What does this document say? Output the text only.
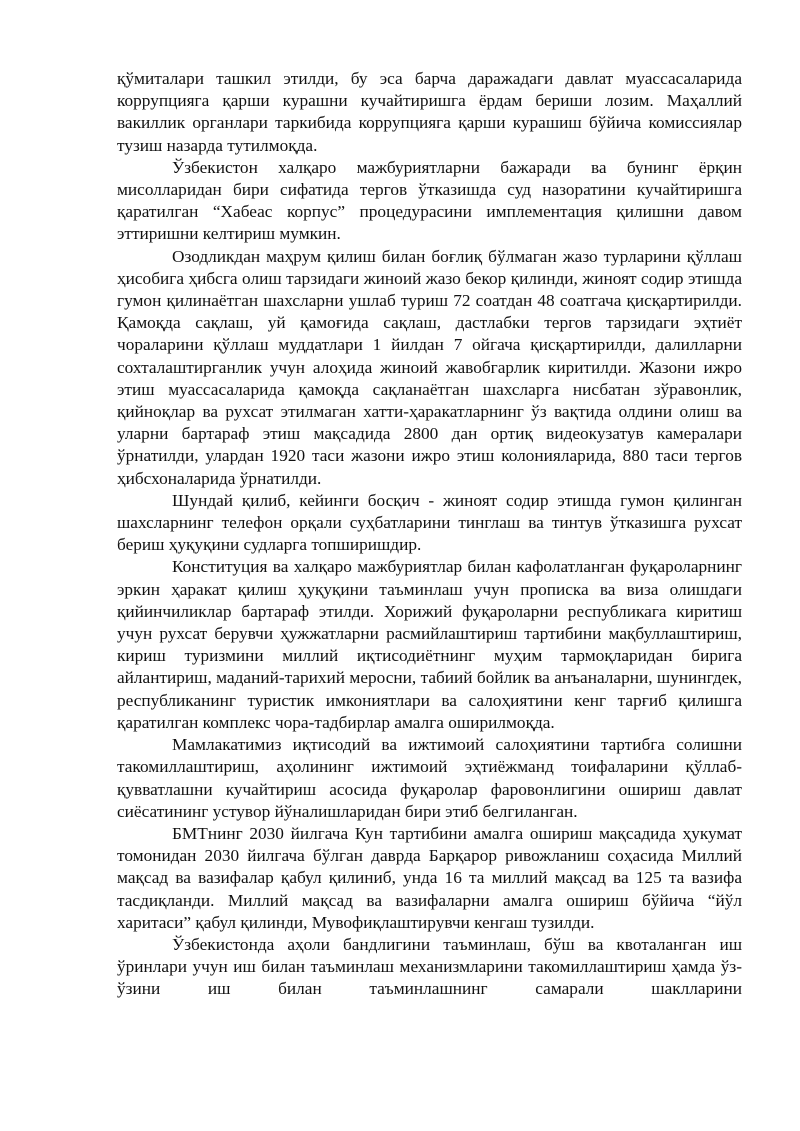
қўмиталари ташкил этилди, бу эса барча даражадаги давлат муассасаларида коррупцияга қарши курашни кучайтиришга ёрдам бериши лозим. Маҳаллий вакиллик органлари таркибида коррупцияга қарши курашиш бўйича комиссиялар тузиш назарда тутилмоқда.

Ўзбекистон халқаро мажбуриятларни бажаради ва бунинг ёрқин мисолларидан бири сифатида тергов ўтказишда суд назоратини кучайтиришга қаратилган “Хабеас корпус” процедурасини имплементация қилишни давом эттиришни келтириш мумкин.

Озодликдан маҳрум қилиш билан боғлиқ бўлмаган жазо турларини қўллаш ҳисобига ҳибсга олиш тарзидаги жиноий жазо бекор қилинди, жиноят содир этишда гумон қилинаётган шахсларни ушлаб туриш 72 соатдан 48 соатгача қисқартирилди. Қамоқда сақлаш, уй қамоғида сақлаш, дастлабки тергов тарзидаги эҳтиёт чораларини қўллаш муддатлари 1 йилдан 7 ойгача қисқартирилди, далилларни сохталаштирганлик учун алоҳида жиноий жавобгарлик киритилди. Жазони ижро этиш муассасаларида қамоқда сақланаётган шахсларга нисбатан зўравонлик, қийноқлар ва рухсат этилмаган хатти-ҳаракатларнинг ўз вақтида олдини олиш ва уларни бартараф этиш мақсадида 2800 дан ортиқ видеокузатув камералари ўрнатилди, улардан 1920 таси жазони ижро этиш колонияларида, 880 таси тергов ҳибсхоналарида ўрнатилди.

Шундай қилиб, кейинги босқич - жиноят содир этишда гумон қилинган шахсларнинг телефон орқали суҳбатларини тинглаш ва тинтув ўтказишга рухсат бериш ҳуқуқини судларга топширишдир.

Конституция ва халқаро мажбуриятлар билан кафолатланган фуқароларнинг эркин ҳаракат қилиш ҳуқуқини таъминлаш учун прописка ва виза олишдаги қийинчиликлар бартараф этилди. Хорижий фуқароларни республикага киритиш учун рухсат берувчи ҳужжатларни расмийлаштириш тартибини мақбуллаштириш, кириш туризмини миллий иқтисодиётнинг муҳим тармоқларидан бирига айлантириш, маданий-тарихий меросни, табиий бойлик ва анъаналарни, шунингдек, республиканинг туристик имкониятлари ва салоҳиятини кенг тарғиб қилишга қаратилган комплекс чора-тадбирлар амалга оширилмоқда.

Мамлакатимиз иқтисодий ва ижтимоий салоҳиятини тартибга солишни такомиллаштириш, аҳолининг ижтимоий эҳтиёжманд тоифаларини қўллаб-қувватлашни кучайтириш асосида фуқаролар фаровонлигини ошириш давлат сиёсатининг устувор йўналишларидан бири этиб белгиланган.

БМТнинг 2030 йилгача Кун тартибини амалга ошириш мақсадида ҳукумат томонидан 2030 йилгача бўлган даврда Барқарор ривожланиш соҳасида Миллий мақсад ва вазифалар қабул қилиниб, унда 16 та миллий мақсад ва 125 та вазифа тасдиқланди. Миллий мақсад ва вазифаларни амалга ошириш бўйича “йўл харитаси” қабул қилинди, Мувофиқлаштирувчи кенгаш тузилди.

Ўзбекистонда аҳоли бандлигини таъминлаш, бўш ва квоталанган иш ўринлари учун иш билан таъминлаш механизмларини такомиллаштириш ҳамда ўз-ўзини иш билан таъминлашнинг самарали шаклларини
